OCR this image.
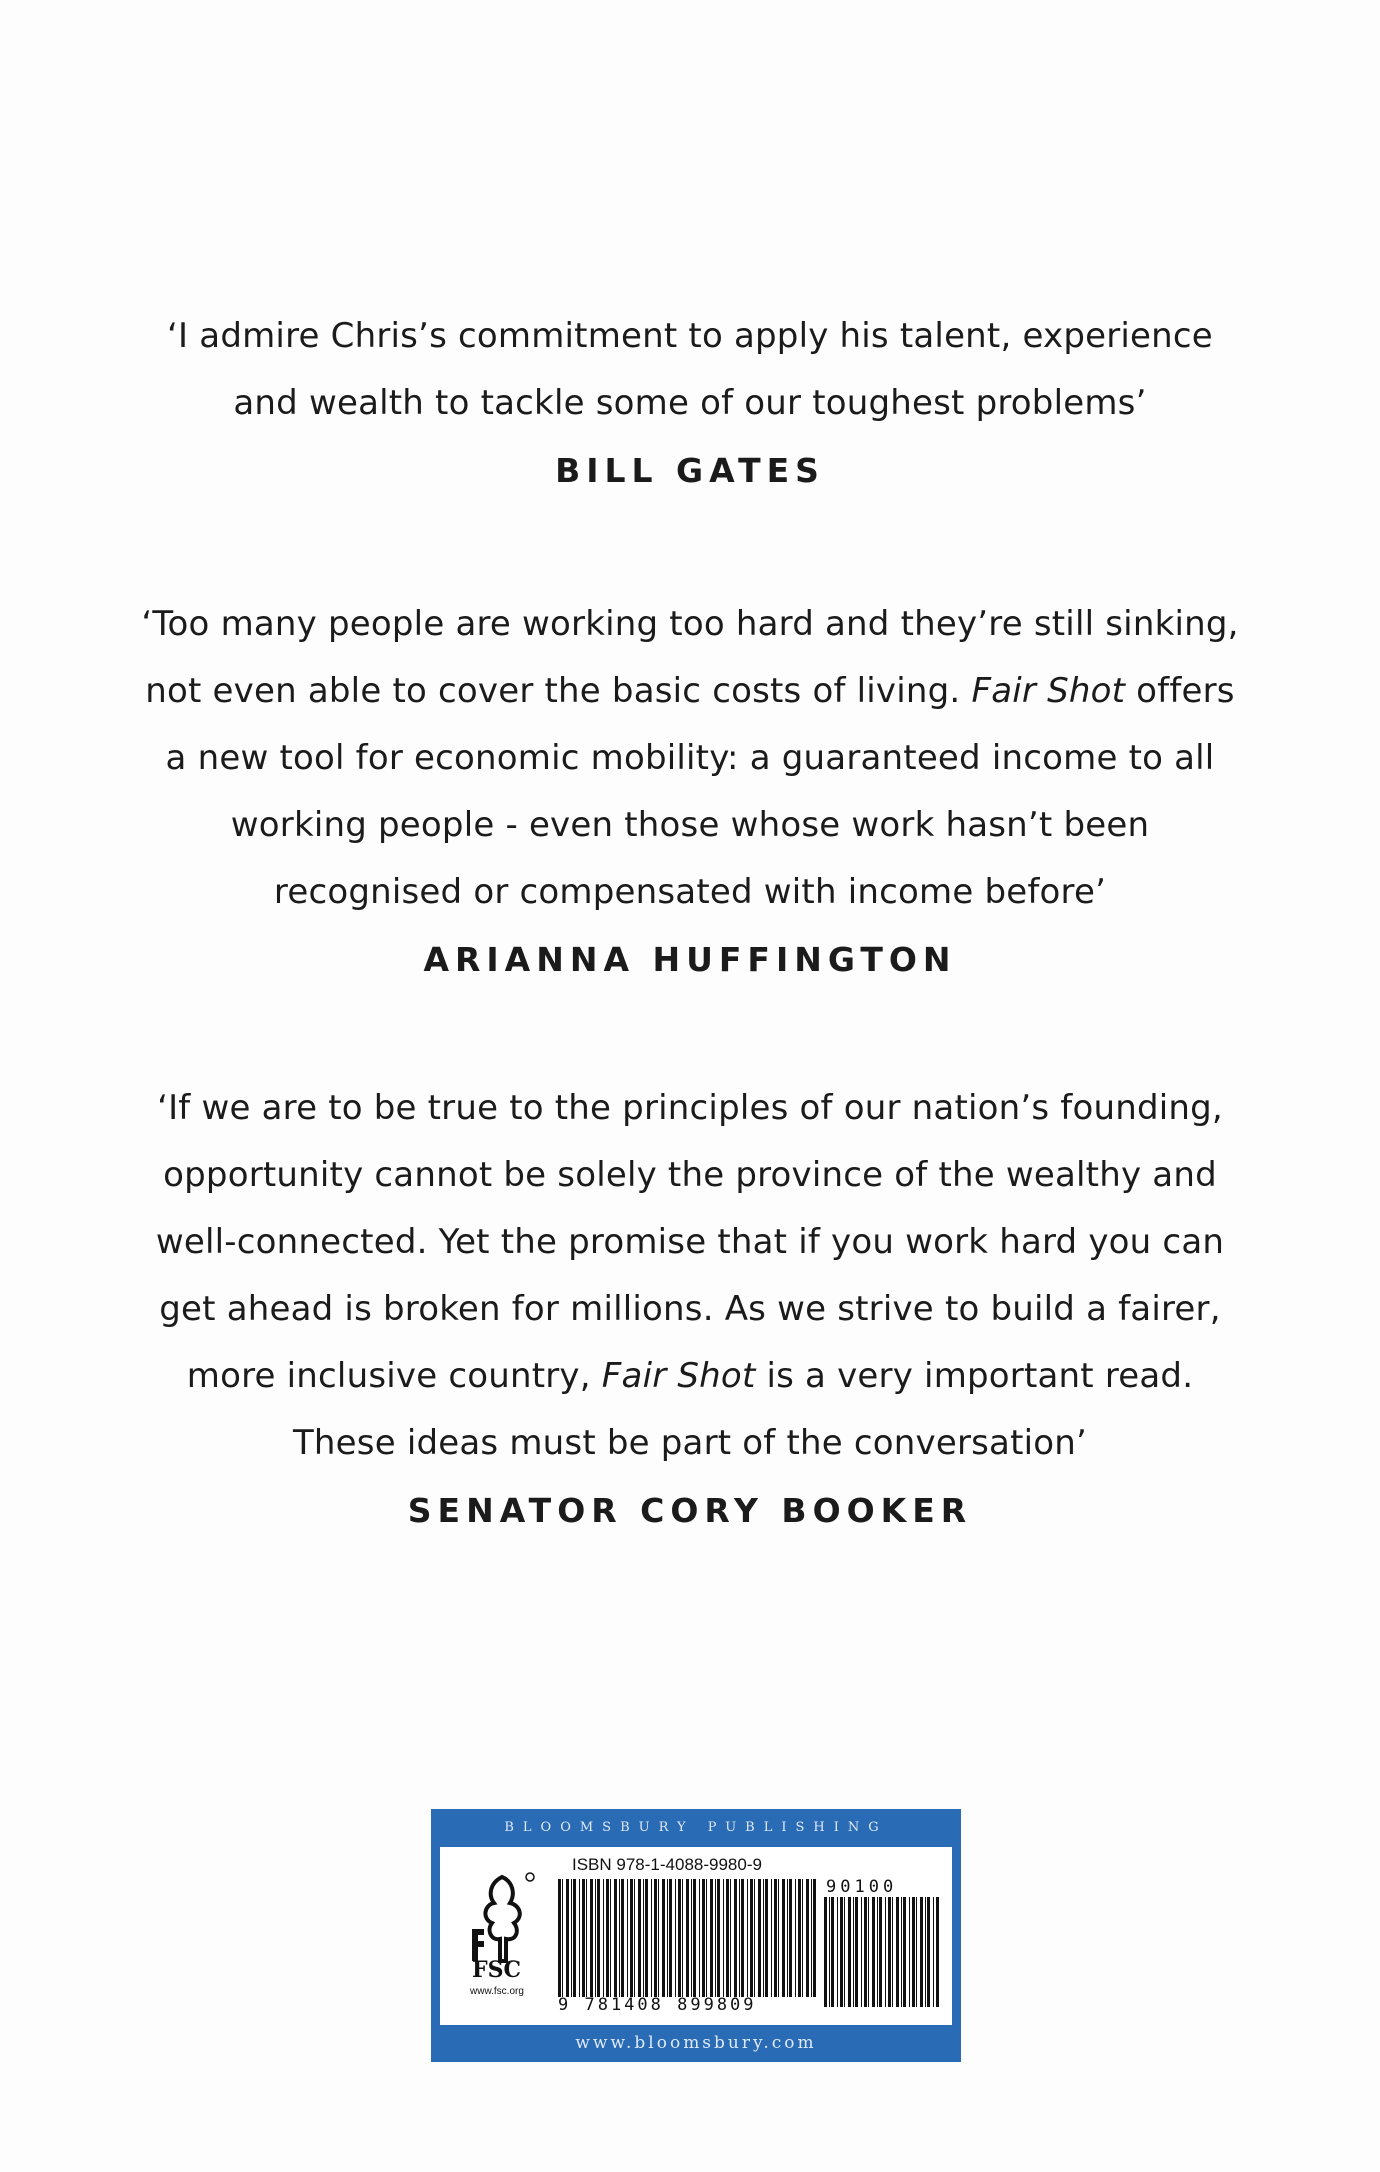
‘I admire Chris’s commitment to apply his talent, experience
and wealth to tackle some of our toughest problems’
BILL GATES
‘Too many people are working too hard and they’re still sinking,
not even able to cover the basic costs of living. Fair Shot offers
a new tool for economic mobility: a guaranteed income to all
working people - even those whose work hasn’t been
recognised or compensated with income before’
ARIANNA HUFFINGTON
‘If we are to be true to the principles of our nation’s founding,
opportunity cannot be solely the province of the wealthy and
well-connected. Yet the promise that if you work hard you can
get ahead is broken for millions. As we strive to build a fairer,
more inclusive country, Fair Shot is a very important read.
These ideas must be part of the conversation’
SENATOR CORY BOOKER
BLOOMSBURY PUBLISHING
FSC
www.fsc.org
ISBN 978-1-4088-9980-9
9 781408 899809
90100
www.bloomsbury.com
